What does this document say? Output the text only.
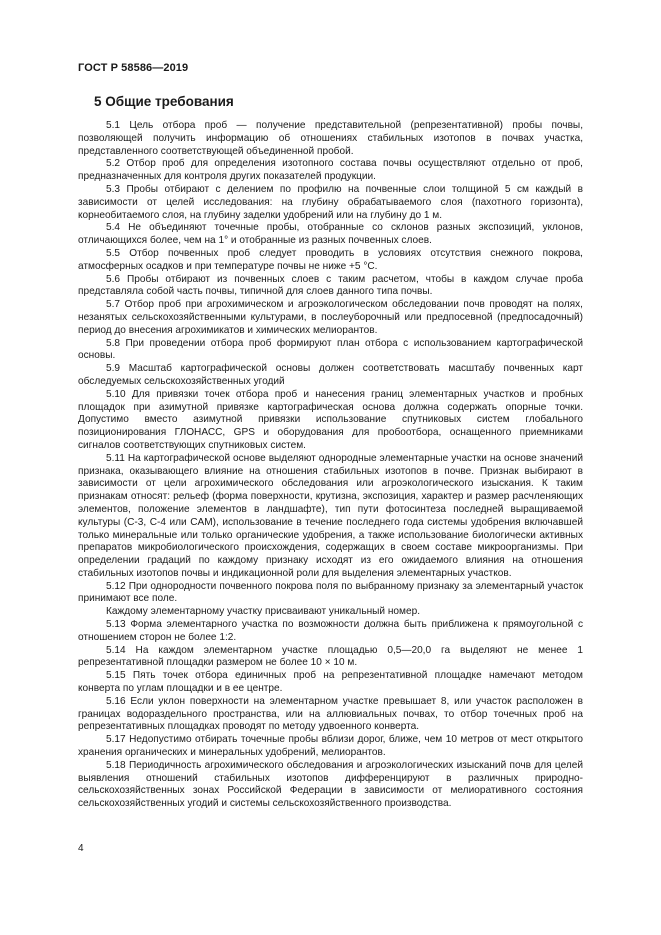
ГОСТ Р 58586—2019
5 Общие требования

5.1 Цель отбора проб — получение представительной (репрезентативной) пробы почвы, позволяющей получить информацию об отношениях стабильных изотопов в почвах участка, представленного соответствующей объединенной пробой.

5.2 Отбор проб для определения изотопного состава почвы осуществляют отдельно от проб, предназначенных для контроля других показателей продукции.

5.3 Пробы отбирают с делением по профилю на почвенные слои толщиной 5 см каждый в зависимости от целей исследования: на глубину обрабатываемого слоя (пахотного горизонта), корнеобитаемого слоя, на глубину заделки удобрений или на глубину до 1 м.

5.4 Не объединяют точечные пробы, отобранные со склонов разных экспозиций, уклонов, отличающихся более, чем на 1° и отобранные из разных почвенных слоев.

5.5 Отбор почвенных проб следует проводить в условиях отсутствия снежного покрова, атмосферных осадков и при температуре почвы не ниже +5 °С.

5.6 Пробы отбирают из почвенных слоев с таким расчетом, чтобы в каждом случае проба представляла собой часть почвы, типичной для слоев данного типа почвы.

5.7 Отбор проб при агрохимическом и агроэкологическом обследовании почв проводят на полях, незанятых сельскохозяйственными культурами, в послеуборочный или предпосевной (предпосадочный) период до внесения агрохимикатов и химических мелиорантов.

5.8 При проведении отбора проб формируют план отбора с использованием картографической основы.

5.9 Масштаб картографической основы должен соответствовать масштабу почвенных карт обследуемых сельскохозяйственных угодий

5.10 Для привязки точек отбора проб и нанесения границ элементарных участков и пробных площадок при азимутной привязке картографическая основа должна содержать опорные точки. Допустимо вместо азимутной привязки использование спутниковых систем глобального позиционирования ГЛОНАСС, GPS и оборудования для пробоотбора, оснащенного приемниками сигналов соответствующих спутниковых систем.

5.11 На картографической основе выделяют однородные элементарные участки на основе значений признака, оказывающего влияние на отношения стабильных изотопов в почве. Признак выбирают в зависимости от цели агрохимического обследования или агроэкологического изыскания. К таким признакам относят: рельеф (форма поверхности, крутизна, экспозиция, характер и размер расчленяющих элементов, положение элементов в ландшафте), тип пути фотосинтеза последней выращиваемой культуры (С-3, С-4 или CAM), использование в течение последнего года системы удобрения включавшей только минеральные или только органические удобрения, а также использование биологически активных препаратов микробиологического происхождения, содержащих в своем составе микроорганизмы. При определении градаций по каждому признаку исходят из его ожидаемого влияния на отношения стабильных изотопов почвы и индикационной роли для выделения элементарных участков.

5.12 При однородности почвенного покрова поля по выбранному признаку за элементарный участок принимают все поле.

Каждому элементарному участку присваивают уникальный номер.

5.13 Форма элементарного участка по возможности должна быть приближена к прямоугольной с отношением сторон не более 1:2.

5.14 На каждом элементарном участке площадью 0,5—20,0 га выделяют не менее 1 репрезентативной площадки размером не более 10 × 10 м.

5.15 Пять точек отбора единичных проб на репрезентативной площадке намечают методом конверта по углам площадки и в ее центре.

5.16 Если уклон поверхности на элементарном участке превышает 8, или участок расположен в границах водораздельного пространства, или на аллювиальных почвах, то отбор точечных проб на репрезентативных площадках проводят по методу удвоенного конверта.

5.17 Недопустимо отбирать точечные пробы вблизи дорог, ближе, чем 10 метров от мест открытого хранения органических и минеральных удобрений, мелиорантов.

5.18 Периодичность агрохимического обследования и агроэкологических изысканий почв для целей выявления отношений стабильных изотопов дифференцируют в различных природно-сельскохозяйственных зонах Российской Федерации в зависимости от мелиоративного состояния сельскохозяйственных угодий и системы сельскохозяйственного производства.

4
